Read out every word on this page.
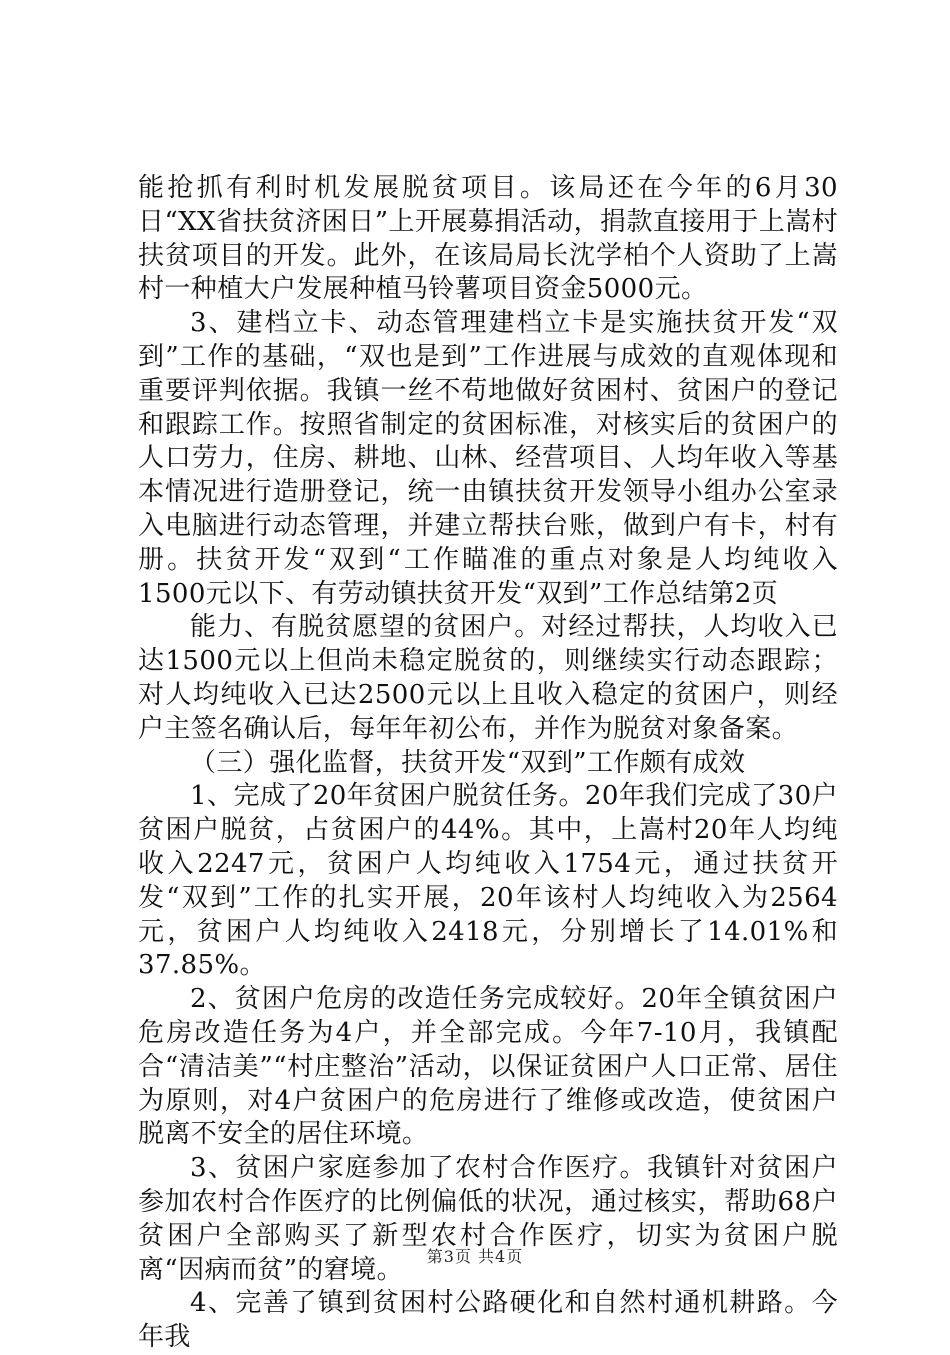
能抢抓有利时机发展脱贫项目。该局还在今年的6月30日“XX省扶贫济困日”上开展募捐活动，捐款直接用于上嵩村扶贫项目的开发。此外，在该局局长沈学柏个人资助了上嵩村一种植大户发展种植马铃薯项目资金5000元。

3、建档立卡、动态管理建档立卡是实施扶贫开发“双到”工作的基础，“双也是到”工作进展与成效的直观体现和重要评判依据。我镇一丝不苟地做好贫困村、贫困户的登记和跟踪工作。按照省制定的贫困标准，对核实后的贫困户的人口劳力，住房、耕地、山林、经营项目、人均年收入等基本情况进行造册登记，统一由镇扶贫开发领导小组办公室录入电脑进行动态管理，并建立帮扶台账，做到户有卡，村有册。扶贫开发“双到“工作瞄准的重点对象是人均纯收入1500元以下、有劳动镇扶贫开发“双到”工作总结第2页

能力、有脱贫愿望的贫困户。对经过帮扶，人均收入已达1500元以上但尚未稳定脱贫的，则继续实行动态跟踪；对人均纯收入已达2500元以上且收入稳定的贫困户，则经户主签名确认后，每年年初公布，并作为脱贫对象备案。

（三）强化监督，扶贫开发“双到”工作颇有成效

1、完成了20年贫困户脱贫任务。20年我们完成了30户贫困户脱贫，占贫困户的44%。其中，上嵩村20年人均纯收入2247元，贫困户人均纯收入1754元，通过扶贫开发“双到”工作的扎实开展，20年该村人均纯收入为2564元，贫困户人均纯收入2418元，分别增长了14.01%和37.85%。

2、贫困户危房的改造任务完成较好。20年全镇贫困户危房改造任务为4户，并全部完成。今年7-10月，我镇配合“清洁美”“村庄整治”活动，以保证贫困户人口正常、居住为原则，对4户贫困户的危房进行了维修或改造，使贫困户脱离不安全的居住环境。

3、贫困户家庭参加了农村合作医疗。我镇针对贫困户参加农村合作医疗的比例偏低的状况，通过核实，帮助68户贫困户全部购买了新型农村合作医疗，切实为贫困户脱离“因病而贫”的窘境。

4、完善了镇到贫困村公路硬化和自然村通机耕路。今年我

第3页 共4页
